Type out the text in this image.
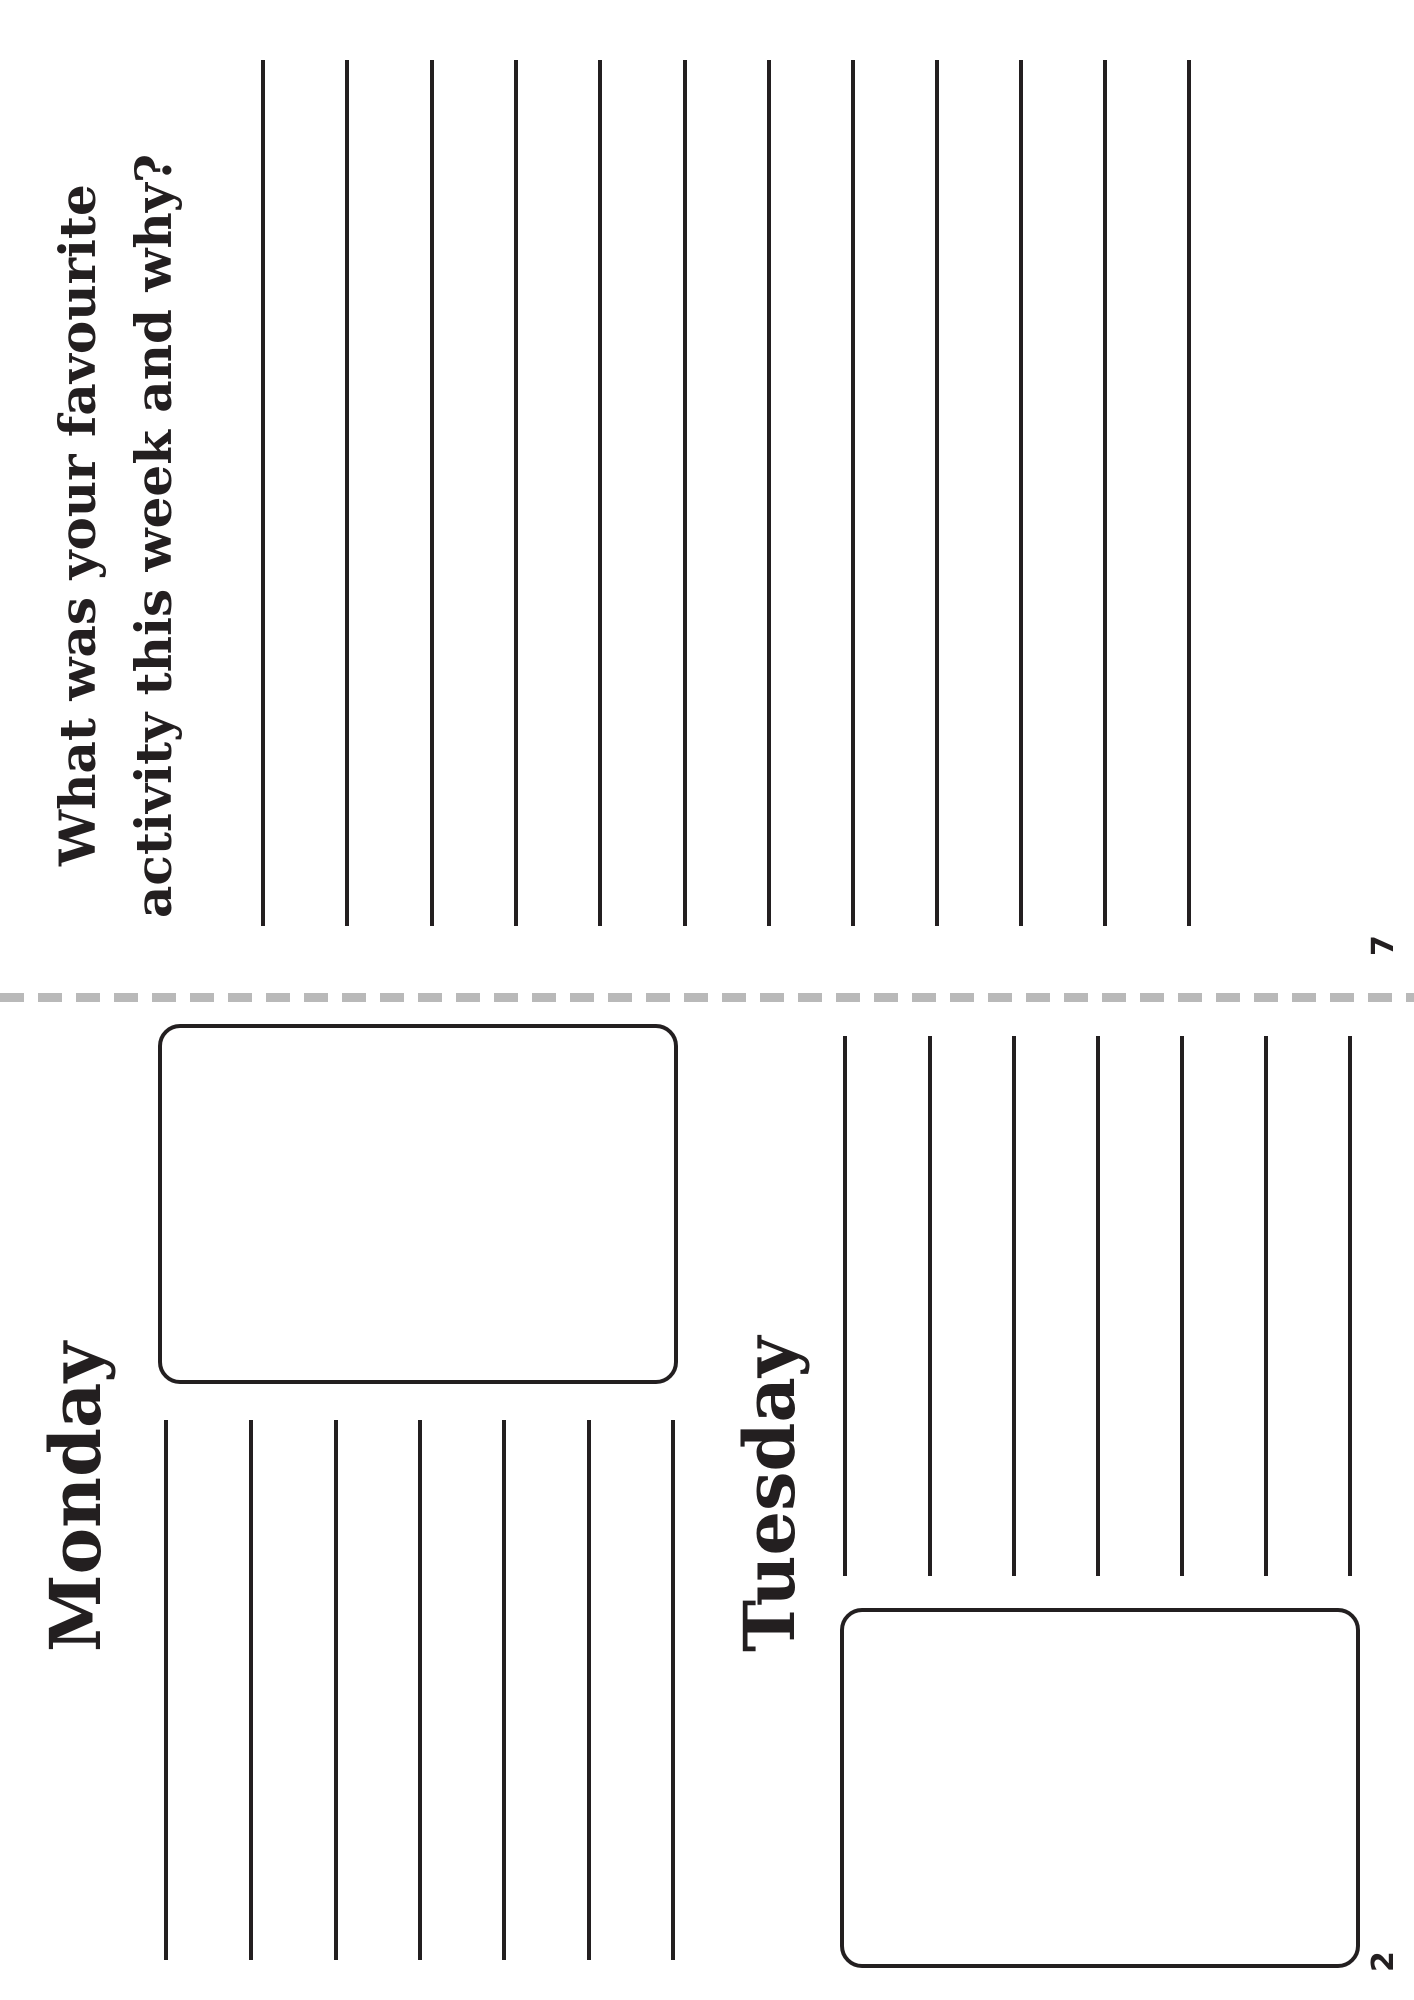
What was your favourite activity this week and why?
7
Monday	Tuesday
2
